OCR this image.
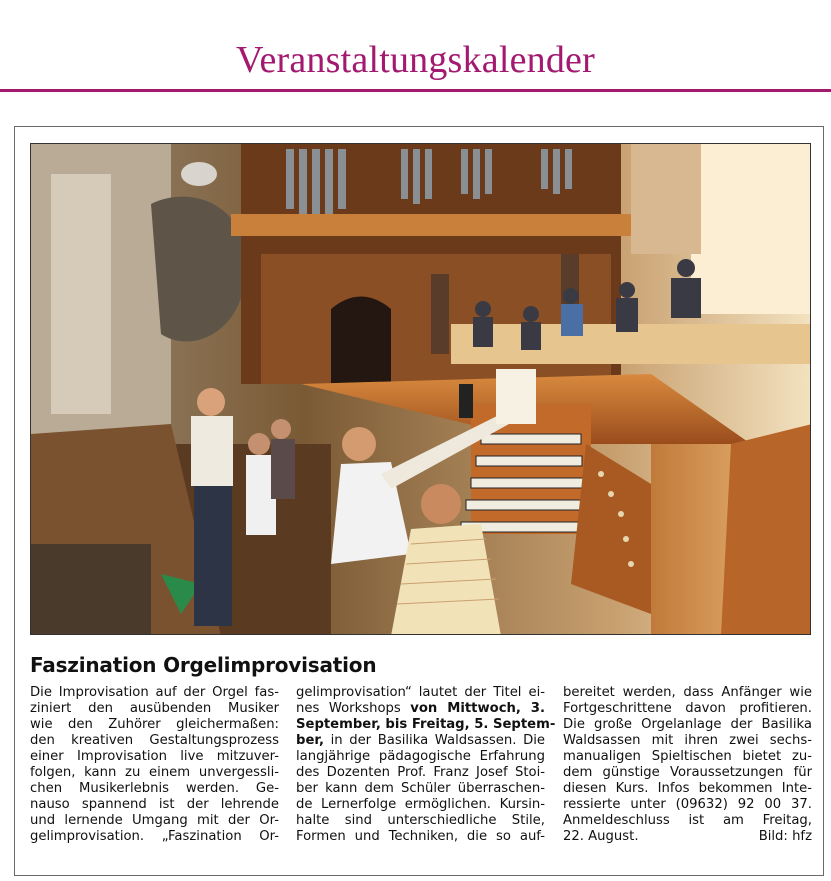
Veranstaltungskalender
Faszination Orgelimprovisation
Die Improvisation auf der Orgel fas-
ziniert den ausübenden Musiker
wie den Zuhörer gleichermaßen:
den kreativen Gestaltungsprozess
einer Improvisation live mitzuver-
folgen, kann zu einem unvergessli-
chen Musikerlebnis werden. Ge-
nauso spannend ist der lehrende
und lernende Umgang mit der Or-
gelimprovisation. „Faszination Or-
gelimprovisation“ lautet der Titel ei-
nes Workshops von Mittwoch, 3.
September, bis Freitag, 5. Septem-
ber, in der Basilika Waldsassen. Die
langjährige pädagogische Erfahrung
des Dozenten Prof. Franz Josef Stoi-
ber kann dem Schüler überraschen-
de Lernerfolge ermöglichen. Kursin-
halte sind unterschiedliche Stile,
Formen und Techniken, die so auf-
bereitet werden, dass Anfänger wie
Fortgeschrittene davon profitieren.
Die große Orgelanlage der Basilika
Waldsassen mit ihren zwei sechs-
manualigen Spieltischen bietet zu-
dem günstige Voraussetzungen für
diesen Kurs. Infos bekommen Inte-
ressierte unter (09632) 92 00 37.
Anmeldeschluss ist am Freitag,
22. August.	Bild: hfz
